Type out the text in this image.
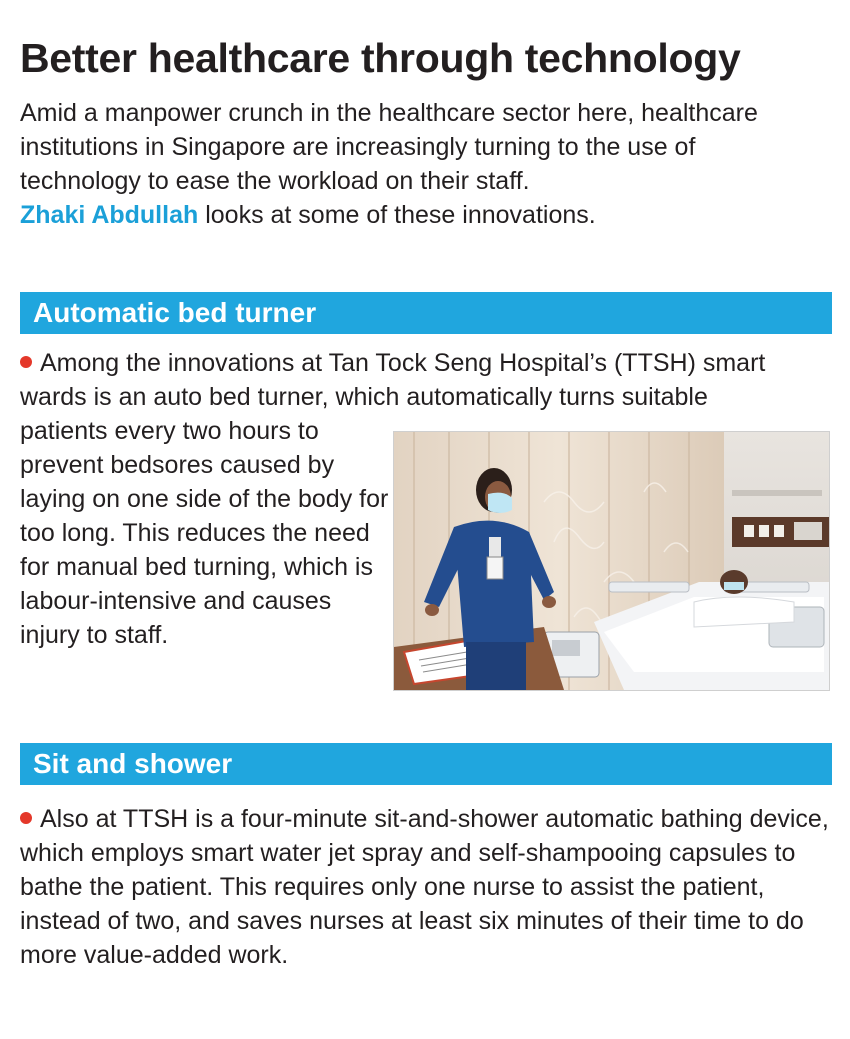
Better healthcare through technology

Amid a manpower crunch in the healthcare sector here, healthcare institutions in Singapore are increasingly turning to the use of technology to ease the workload on their staff.
Zhaki Abdullah looks at some of these innovations.

Automatic bed turner

Among the innovations at Tan Tock Seng Hospital’s (TTSH) smart wards is an auto bed turner, which automatically turns suitable

patients every two hours to prevent bedsores caused by laying on one side of the body for too long. This reduces the need for manual bed turning, which is labour-intensive and causes injury to staff.

Sit and shower

Also at TTSH is a four-minute sit-and-shower automatic bathing device, which employs smart water jet spray and self-shampooing capsules to bathe the patient. This requires only one nurse to assist the patient, instead of two, and saves nurses at least six minutes of their time to do more value-added work.
